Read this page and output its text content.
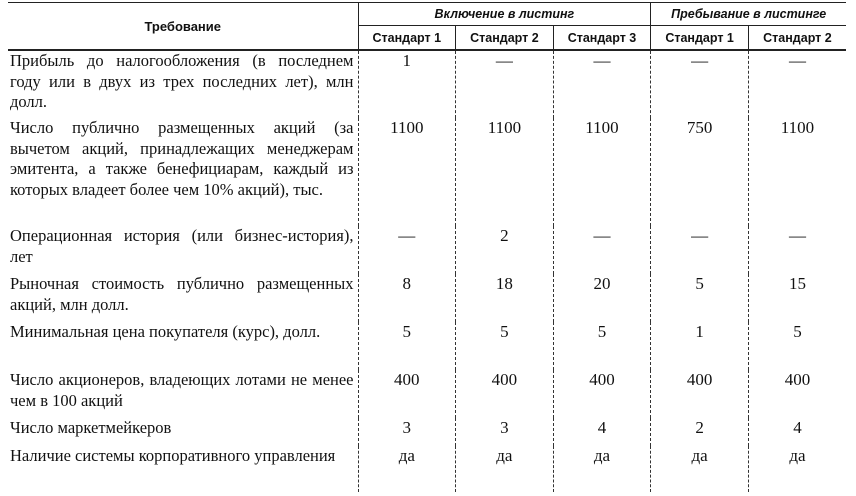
Требование	Включение в листинг			Пребывание в листинге	
	Стандарт 1	Стандарт 2	Стандарт 3	Стандарт 1	Стандарт 2
Прибыль до налогообложения (в последнем году или в двух из трех последних лет), млн долл.	1	—	—	—	—
Число публично размещенных акций (за вычетом акций, принадлежащих менеджерам эмитента, а также бенефициарам, каждый из которых владеет более чем 10% акций), тыс.	1100	1100	1100	750	1100
Операционная история (или бизнес-история), лет	—	2	—	—	—
Рыночная стоимость публично размещенных акций, млн долл.	8	18	20	5	15
Минимальная цена покупателя (курс), долл.	5	5	5	1	5
Число акционеров, владеющих лотами не менее чем в 100 акций	400	400	400	400	400
Число маркетмейкеров	3	3	4	2	4
Наличие системы корпоративного управления	да	да	да	да	да
